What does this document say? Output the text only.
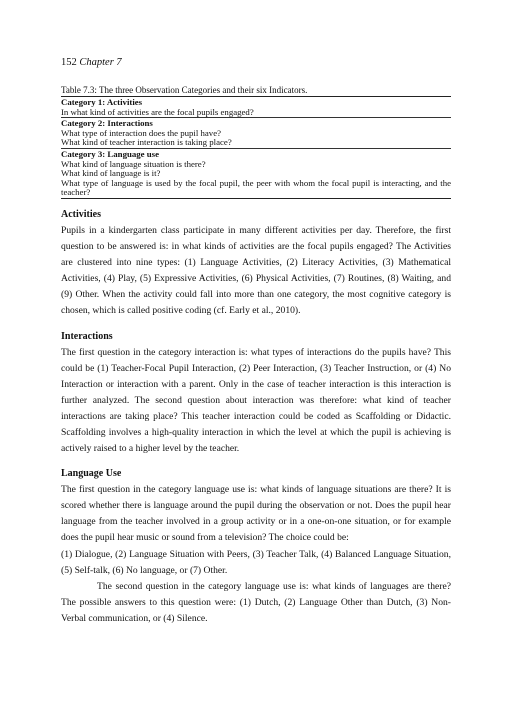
152 Chapter 7
Table 7.3: The three Observation Categories and their six Indicators.
Category 1: Activities
In what kind of activities are the focal pupils engaged?

Category 2: Interactions
What type of interaction does the pupil have?
What kind of teacher interaction is taking place?

Category 3: Language use
What kind of language situation is there?
What kind of language is it?
What type of language is used by the focal pupil, the peer with whom the focal pupil is interacting, and the teacher?
Activities

Pupils in a kindergarten class participate in many different activities per day. Therefore, the first question to be answered is: in what kinds of activities are the focal pupils engaged? The Activities are clustered into nine types: (1) Language Activities, (2) Literacy Activities, (3) Mathematical Activities, (4) Play, (5) Expressive Activities, (6) Physical Activities, (7) Routines, (8) Waiting, and (9) Other. When the activity could fall into more than one category, the most cognitive category is chosen, which is called positive coding (cf. Early et al., 2010).

Interactions

The first question in the category interaction is: what types of interactions do the pupils have? This could be (1) Teacher-Focal Pupil Interaction, (2) Peer Interaction, (3) Teacher Instruction, or (4) No Interaction or interaction with a parent. Only in the case of teacher interaction is this interaction is further analyzed. The second question about interaction was therefore: what kind of teacher interactions are taking place? This teacher interaction could be coded as Scaffolding or Didactic. Scaffolding involves a high-quality interaction in which the level at which the pupil is achieving is actively raised to a higher level by the teacher.

Language Use

The first question in the category language use is: what kinds of language situations are there? It is scored whether there is language around the pupil during the observation or not. Does the pupil hear language from the teacher involved in a group activity or in a one-on-one situation, or for example does the pupil hear music or sound from a television? The choice could be:

(1) Dialogue, (2) Language Situation with Peers, (3) Teacher Talk, (4) Balanced Language Situation, (5) Self-talk, (6) No language, or (7) Other.

The second question in the category language use is: what kinds of languages are there? The possible answers to this question were: (1) Dutch, (2) Language Other than Dutch, (3) Non-Verbal communication, or (4) Silence.
